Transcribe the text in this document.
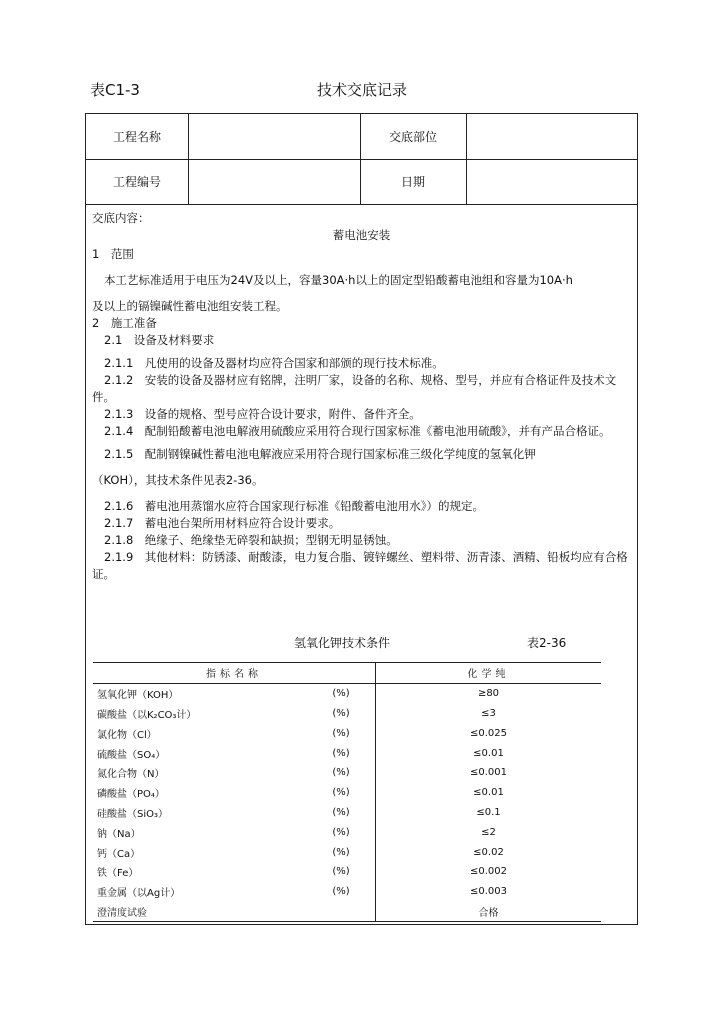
表C1-3	技术交底记录
工程名称	交底部位
工程编号	日期

交底内容：

蓄电池安装

1　范围

本工艺标准适用于电压为24V及以上，容量30A·h以上的固定型铅酸蓄电池组和容量为10A·h

及以上的镉镍碱性蓄电池组安装工程。

2　施工准备

2.1　设备及材料要求

2.1.1　凡使用的设备及器材均应符合国家和部颁的现行技术标准。

2.1.2　安装的设备及器材应有铭牌，注明厂家，设备的名称、规格、型号，并应有合格证件及技术文件。

2.1.3　设备的规格、型号应符合设计要求，附件、备件齐全。

2.1.4　配制铅酸蓄电池电解液用硫酸应采用符合现行国家标准《蓄电池用硫酸》，并有产品合格证。

2.1.5　配制钢镍碱性蓄电池电解液应采用符合现行国家标准三级化学纯度的氢氧化钾

（KOH），其技术条件见表2-36。

2.1.6　蓄电池用蒸馏水应符合国家现行标准《铅酸蓄电池用水》）的规定。

2.1.7　蓄电池台架所用材料应符合设计要求。

2.1.8　绝缘子、绝缘垫无碎裂和缺损；型钢无明显锈蚀。

2.1.9　其他材料：防锈漆、耐酸漆，电力复合脂、镀锌螺丝、塑料带、沥青漆、酒精、铅板均应有合格证。

氢氧化钾技术条件	表2-36
指标名称		化学纯
氢氧化钾（KOH）	(%)	≥80
碳酸盐（以K₂CO₃计）	(%)	≤3
氯化物（Cl）	(%)	≤0.025
硫酸盐（SO₄）	(%)	≤0.01
氮化合物（N）	(%)	≤0.001
磷酸盐（PO₄）	(%)	≤0.01
硅酸盐（SiO₃）	(%)	≤0.1
钠（Na）	(%)	≤2
钙（Ca）	(%)	≤0.02
铁（Fe）	(%)	≤0.002
重金属（以Ag计）	(%)	≤0.003
澄清度试验		合格
